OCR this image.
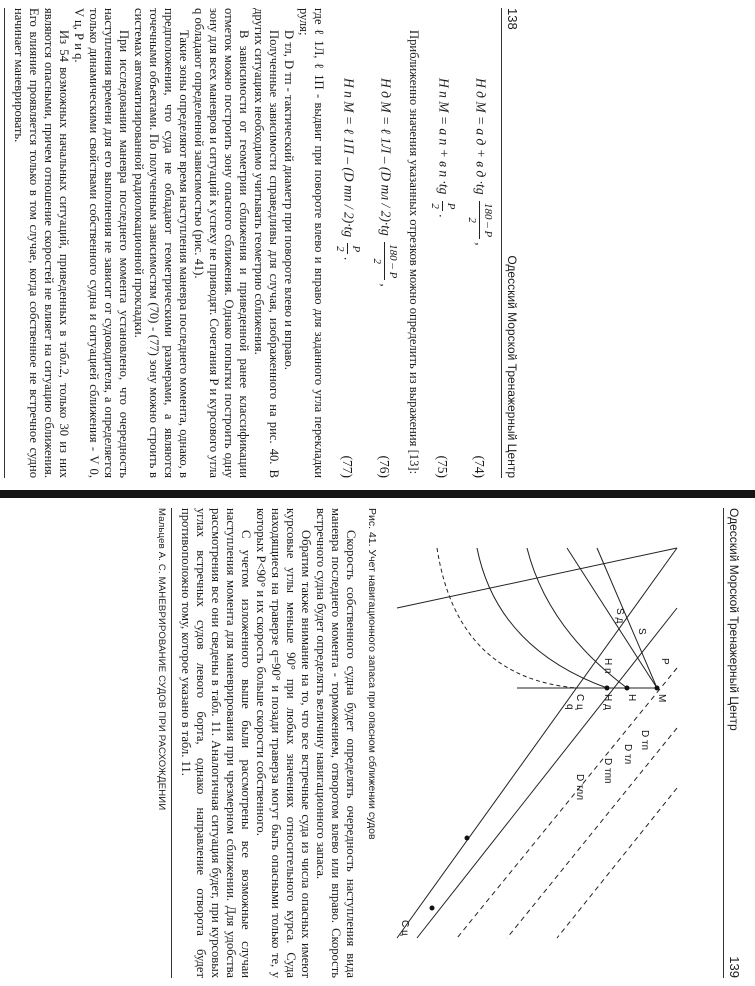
138
Одесский Морской Тренажерный Центр
H д M = a д + в д ·tg
180 – P
2
,
(74)
H п M = a п + в п ·tg
P
2
.
(75)

Приближенно значения указанных отрезков можно определить из выражения [13]:

H д M = ℓ 1Л – (D тл / 2)·tg
180 – P
2
,
(76)
H п M = ℓ 1П – (D тп / 2)·tg
P
2
.
(77)

где ℓ 1Л, ℓ 1П - выдвиг при повороте влево и вправо для заданного угла перекладки руля;

D тл, D тп - тактический диаметр при повороте влево и вправо.

Полученные зависимости справедливы для случая, изображенного на рис. 40. В других ситуациях необходимо учитывать геометрию сближения.

В зависимости от геометрии сближения и приведенной ранее классификации отметок можно построить зону опасного сближения. Однако попытки построить одну зону для всех маневров и ситуаций к успеху не приводят. Сочетания Р и курсового угла q обладают определенной зависимостью (рис. 41).

Такие зоны определяют время наступления маневра последнего момента, однако, в предположении, что суда не обладают геометрическими размерами, а являются точечными объектами. По полученным зависимостям (70) - (77) зону можно строить в системах автоматизированной радиолокационной прокладки.

При исследовании маневра последнего момента установлено, что очередность наступления времени для его выполнения не зависит от судоводителя, а определяется только динамическими свойствами собственного судна и ситуацией сближения - V 0, V ц, Р и q.

Из 54 возможных начальных ситуаций, приведенных в табл.2, только 30 из них являются опасными, причем отношение скоростей не влияет на ситуацию сближения. Его влияние проявляется только в том случае, когда собственное не встречное судно начинает маневрировать.

Одесский Морской Тренажерный Центр
139
P
M
H
H д
H п
q C ц
C ц
S
S д
D тп
D тл
D тпп
D тлл
Рис. 41. Учет навигационного запаса при опасном сближении судов

Скорость собственного судна будет определять очередность наступления вида маневра последнего момента - торможением, отворотом влево или вправо. Скорость встречного судна будет определять величину навигационного запаса.

Обратим также внимание на то, что все встречные суда из числа опасных имеют курсовые углы меньше 90° при любых значениях относительного курса. Суда находящиеся на траверзе q=90° и позади траверза могут быть опасными только те, у которых P<90° и их скорость больше скорости собственного.

С учетом изложенного выше были рассмотрены все возможные случаи наступления момента для маневрирования при чрезмерном сближении. Для удобства рассмотрения все они сведены в табл. 11. Аналогичная ситуация будет, при курсовых углах встречных судов левого борта, однако направление отворота будет противоположно тому, которое указано в табл. 11.

Мальцев А. С. МАНЕВРИРОВАНИЕ СУДОВ ПРИ РАСХОЖДЕНИИ
